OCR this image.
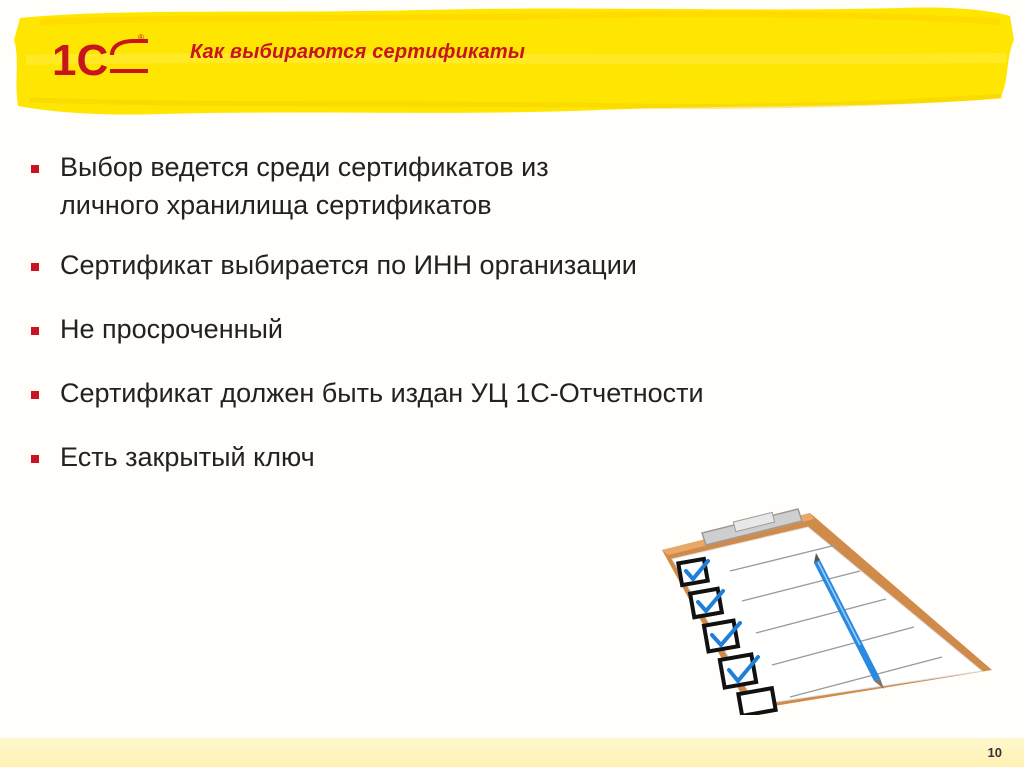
1С	®
Как выбираются сертификаты
Выбор ведется среди сертификатов из
личного хранилища сертификатов
Сертификат выбирается по ИНН организации
Не просроченный
Сертификат должен быть издан УЦ 1С-Отчетности
Есть закрытый ключ
10
